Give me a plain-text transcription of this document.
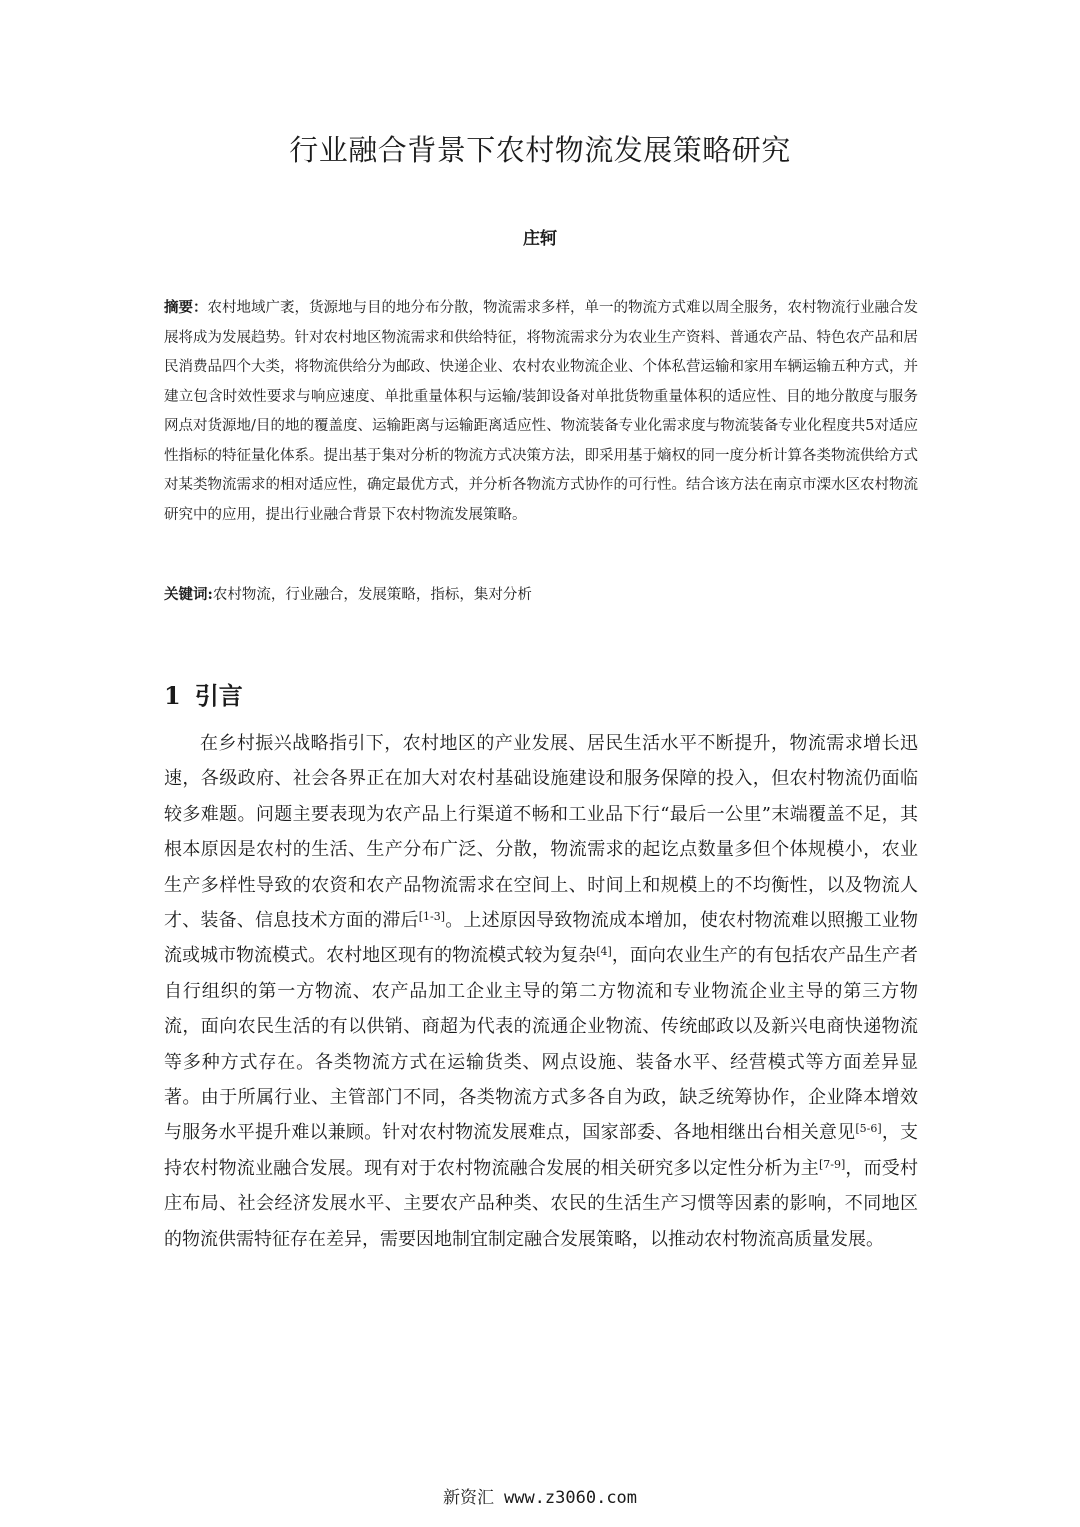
行业融合背景下农村物流发展策略研究
庄轲
摘要：农村地域广袤，货源地与目的地分布分散，物流需求多样，单一的物流方式难以周全服务，农村物流行业融合发展将成为发展趋势。针对农村地区物流需求和供给特征，将物流需求分为农业生产资料、普通农产品、特色农产品和居民消费品四个大类，将物流供给分为邮政、快递企业、农村农业物流企业、个体私营运输和家用车辆运输五种方式，并建立包含时效性要求与响应速度、单批重量体积与运输/装卸设备对单批货物重量体积的适应性、目的地分散度与服务网点对货源地/目的地的覆盖度、运输距离与运输距离适应性、物流装备专业化需求度与物流装备专业化程度共5对适应性指标的特征量化体系。提出基于集对分析的物流方式决策方法，即采用基于熵权的同一度分析计算各类物流供给方式对某类物流需求的相对适应性，确定最优方式，并分析各物流方式协作的可行性。结合该方法在南京市溧水区农村物流研究中的应用，提出行业融合背景下农村物流发展策略。
关键词:农村物流，行业融合，发展策略，指标，集对分析
1 引言
在乡村振兴战略指引下，农村地区的产业发展、居民生活水平不断提升，物流需求增长迅速，各级政府、社会各界正在加大对农村基础设施建设和服务保障的投入，但农村物流仍面临较多难题。问题主要表现为农产品上行渠道不畅和工业品下行“最后一公里”末端覆盖不足，其根本原因是农村的生活、生产分布广泛、分散，物流需求的起讫点数量多但个体规模小，农业生产多样性导致的农资和农产品物流需求在空间上、时间上和规模上的不均衡性，以及物流人才、装备、信息技术方面的滞后[1-3]。上述原因导致物流成本增加，使农村物流难以照搬工业物流或城市物流模式。农村地区现有的物流模式较为复杂[4]，面向农业生产的有包括农产品生产者自行组织的第一方物流、农产品加工企业主导的第二方物流和专业物流企业主导的第三方物流，面向农民生活的有以供销、商超为代表的流通企业物流、传统邮政以及新兴电商快递物流等多种方式存在。各类物流方式在运输货类、网点设施、装备水平、经营模式等方面差异显著。由于所属行业、主管部门不同，各类物流方式多各自为政，缺乏统筹协作，企业降本增效与服务水平提升难以兼顾。针对农村物流发展难点，国家部委、各地相继出台相关意见[5-6]，支持农村物流业融合发展。现有对于农村物流融合发展的相关研究多以定性分析为主[7-9]，而受村庄布局、社会经济发展水平、主要农产品种类、农民的生活生产习惯等因素的影响，不同地区的物流供需特征存在差异，需要因地制宜制定融合发展策略，以推动农村物流高质量发展。
新资汇 www.z3060.com
